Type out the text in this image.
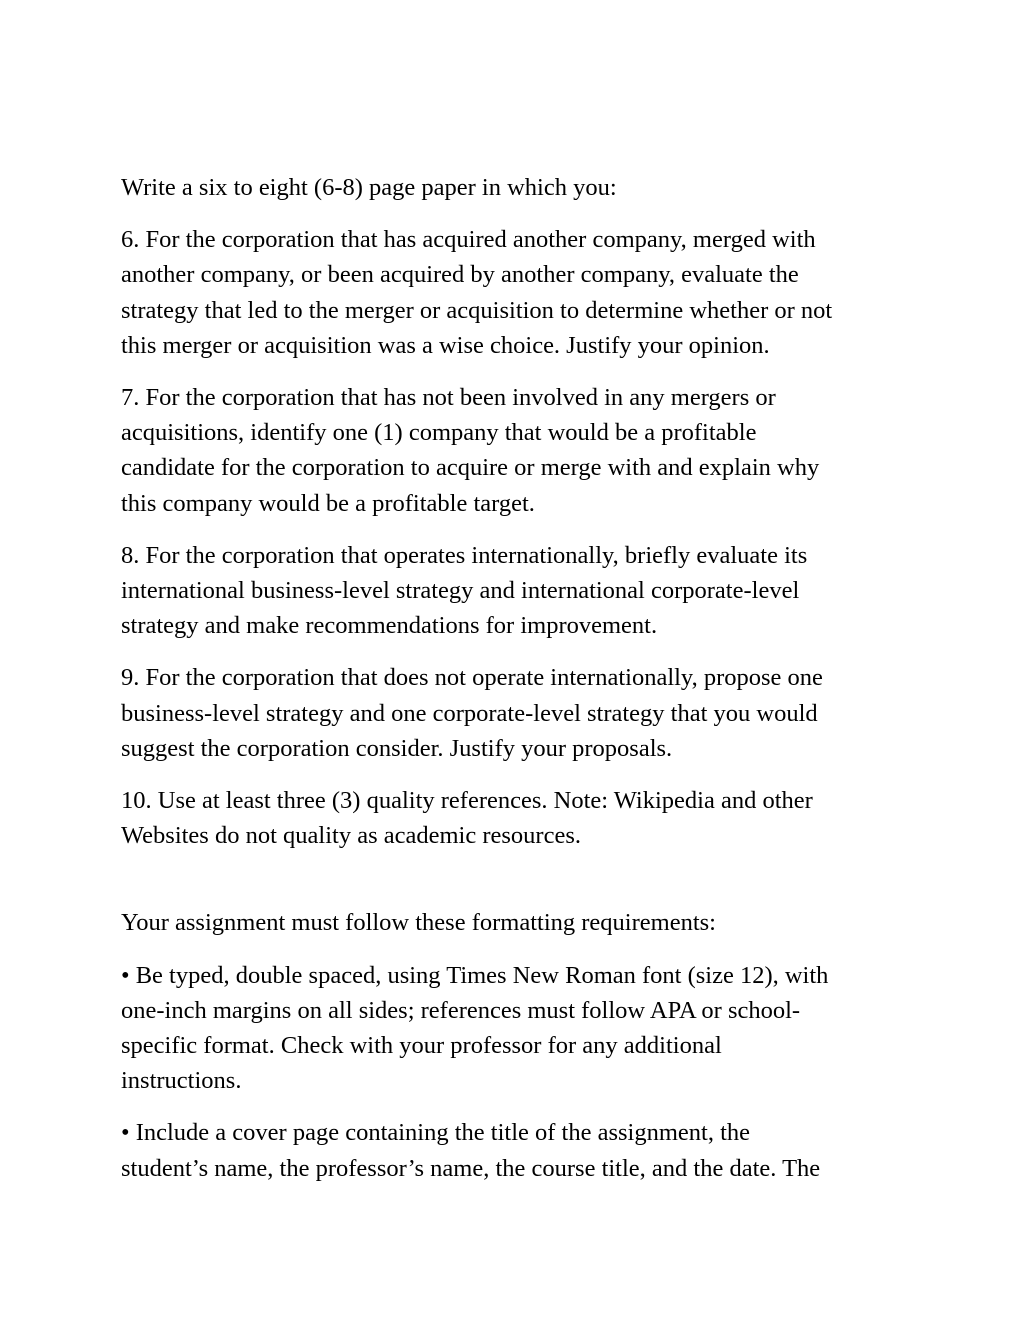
Write a six to eight (6-8) page paper in which you:

6. For the corporation that has acquired another company, merged with
another company, or been acquired by another company, evaluate the
strategy that led to the merger or acquisition to determine whether or not
this merger or acquisition was a wise choice. Justify your opinion.

7. For the corporation that has not been involved in any mergers or
acquisitions, identify one (1) company that would be a profitable
candidate for the corporation to acquire or merge with and explain why
this company would be a profitable target.

8. For the corporation that operates internationally, briefly evaluate its
international business-level strategy and international corporate-level
strategy and make recommendations for improvement.

9. For the corporation that does not operate internationally, propose one
business-level strategy and one corporate-level strategy that you would
suggest the corporation consider. Justify your proposals.

10. Use at least three (3) quality references. Note: Wikipedia and other
Websites do not quality as academic resources.

Your assignment must follow these formatting requirements:

• Be typed, double spaced, using Times New Roman font (size 12), with
one-inch margins on all sides; references must follow APA or school-
specific format. Check with your professor for any additional
instructions.

• Include a cover page containing the title of the assignment, the
student’s name, the professor’s name, the course title, and the date. The
